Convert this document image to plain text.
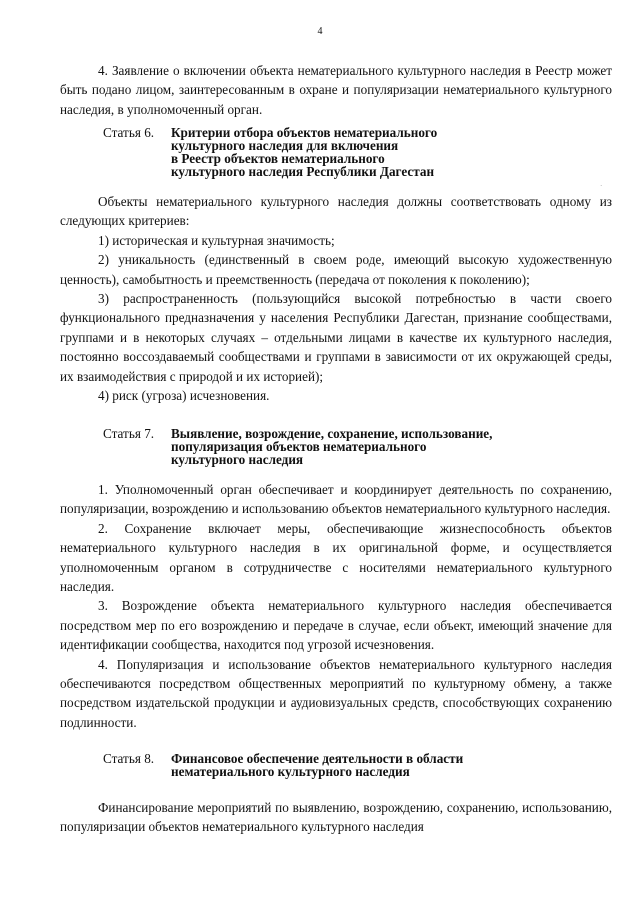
4

4. Заявление о включении объекта нематериального культурного наследия в Реестр может быть подано лицом, заинтересованным в охране и популяризации нематериального культурного наследия, в уполномоченный орган.

Статья 6.	Критерии отбора объектов нематериального
культурного наследия для включения
в Реестр объектов нематериального
культурного наследия Республики Дагестан

Объекты нематериального культурного наследия должны соответствовать одному из следующих критериев:

1) историческая и культурная значимость;

2) уникальность (единственный в своем роде, имеющий высокую художественную ценность), самобытность и преемственность (передача от поколения к поколению);

3) распространенность (пользующийся высокой потребностью в части своего функционального предназначения у населения Республики Дагестан, признание сообществами, группами и в некоторых случаях – отдельными лицами в качестве их культурного наследия, постоянно воссоздаваемый сообществами и группами в зависимости от их окружающей среды, их взаимодействия с природой и их историей);

4) риск (угроза) исчезновения.

Статья 7.	Выявление, возрождение, сохранение, использование,
популяризация объектов нематериального
культурного наследия

1. Уполномоченный орган обеспечивает и координирует деятельность по сохранению, популяризации, возрождению и использованию объектов нематериального культурного наследия.

2. Сохранение включает меры, обеспечивающие жизнеспособность объектов нематериального культурного наследия в их оригинальной форме, и осуществляется уполномоченным органом в сотрудничестве с носителями нематериального культурного наследия.

3. Возрождение объекта нематериального культурного наследия обеспечивается посредством мер по его возрождению и передаче в случае, если объект, имеющий значение для идентификации сообщества, находится под угрозой исчезновения.

4. Популяризация и использование объектов нематериального культурного наследия обеспечиваются посредством общественных мероприятий по культурному обмену, а также посредством издательской продукции и аудиовизуальных средств, способствующих сохранению подлинности.

Статья 8.	Финансовое обеспечение деятельности в области
нематериального культурного наследия

Финансирование мероприятий по выявлению, возрождению, сохранению, использованию, популяризации объектов нематериального культурного наследия

·
